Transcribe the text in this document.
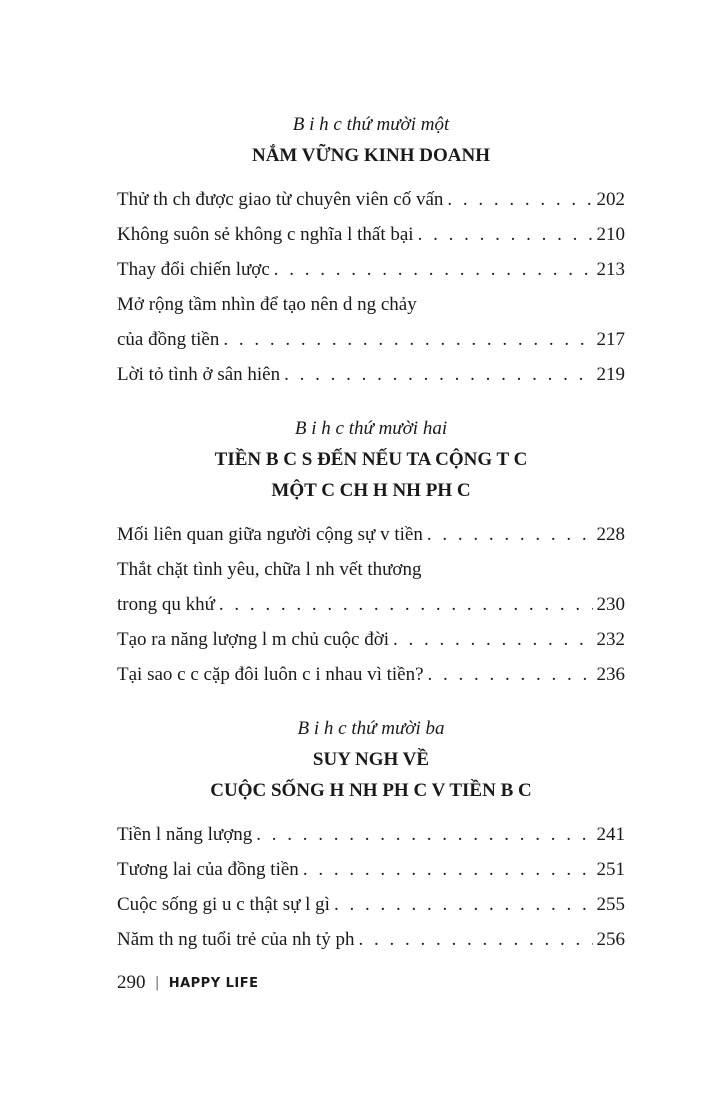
B i h c thứ mười một
NẮM VỮNG KINH DOANH
Thử th ch được giao từ chuyên viên cố vấn . . .	202
Không suôn sẻ không c nghĩa l thất bại . . .	210
Thay đổi chiến lược . . .	213
Mở rộng tầm nhìn để tạo nên d ng chảy
của đồng tiền . . .	217
Lời tỏ tình ở sân hiên . . .	219
B i h c thứ mười hai
TIỀN B C S ĐẾN NẾU TA CỘNG T C
MỘT C CH H NH PH C
Mối liên quan giữa người cộng sự v tiền . . .	228
Thắt chặt tình yêu, chữa l nh vết thương
trong qu khứ . . .	230
Tạo ra năng lượng l m chủ cuộc đời . . .	232
Tại sao c c cặp đôi luôn c i nhau vì tiền? . . .	236
B i h c thứ mười ba
SUY NGH VỀ
CUỘC SỐNG H NH PH C V TIỀN B C
Tiền l năng lượng . . .	241
Tương lai của đồng tiền . . .	251
Cuộc sống gi u c thật sự l gì . . .	255
Năm th ng tuổi trẻ của nh tỷ ph . . .	256
290 | HAPPY LIFE
